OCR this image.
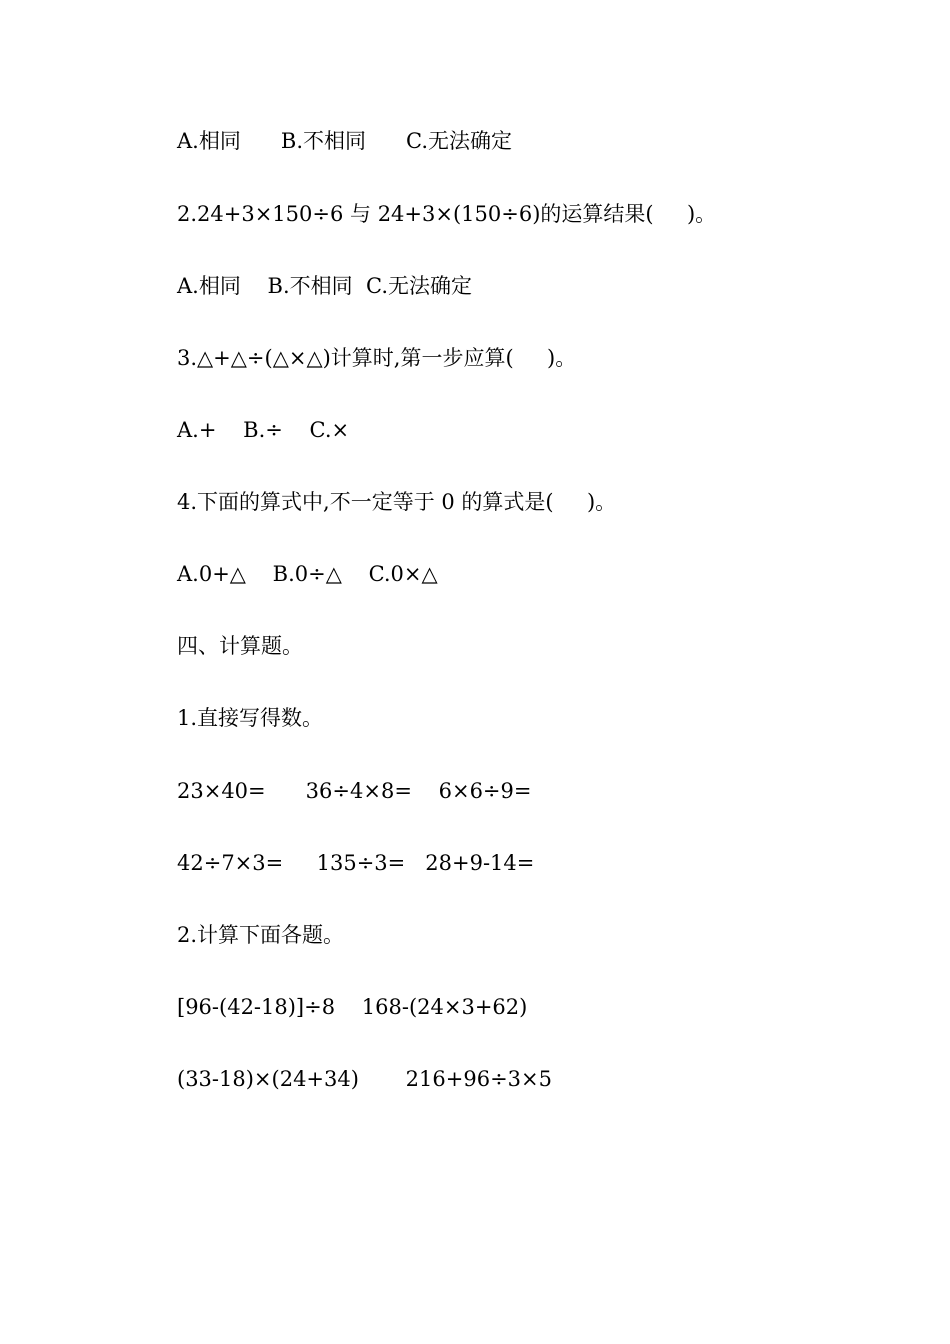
A.相同      B.不相同      C.无法确定
2.24+3×150÷6 与 24+3×(150÷6)的运算结果(     )。
A.相同    B.不相同  C.无法确定
3.△+△÷(△×△)计算时,第一步应算(     )。
A.+    B.÷    C.×
4.下面的算式中,不一定等于 0 的算式是(     )。
A.0+△    B.0÷△    C.0×△
四、计算题。
1.直接写得数。
23×40=      36÷4×8=    6×6÷9=
42÷7×3=     135÷3=   28+9-14=
2.计算下面各题。
[96-(42-18)]÷8    168-(24×3+62)
(33-18)×(24+34)       216+96÷3×5
